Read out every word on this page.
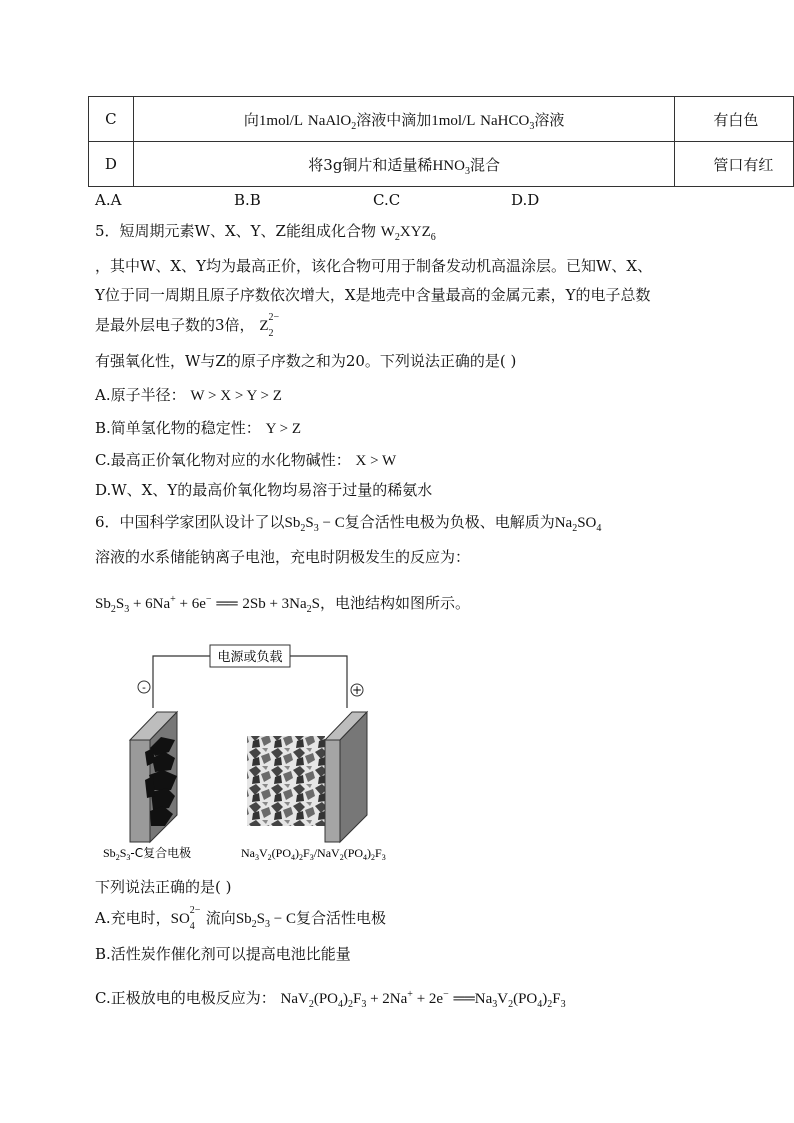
C	向1mol/L NaAlO$_2$溶液中滴加1mol/L NaHCO$_3$溶液	有白色
D	将3g铜片和适量稀$HNO_3$混合	管口有红
A.A	B.B	C.C	D.D
5．短周期元素W、X、Y、Z能组成化合物 $W_2XYZ_6$
，其中W、X、Y均为最高正价，该化合物可用于制备发动机高温涂层。已知W、X、
Y位于同一周期且原子序数依次增大，X是地壳中含量最高的金属元素，Y的电子总数
是最外层电子数的3倍， Z
2−
2
有强氧化性，W与Z的原子序数之和为20。下列说法正确的是( )
A.原子半径： W > X > Y > Z
B.简单氢化物的稳定性： Y > Z
C.最高正价氧化物对应的水化物碱性： X > W
D.W、X、Y的最高价氧化物均易溶于过量的稀氨水
6．中国科学家团队设计了以$Sb_2S_3 - C$复合活性电极为负极、电解质为$Na_2SO_4$
溶液的水系储能钠离子电池，充电时阴极发生的反应为：
$Sb_2S_3 + 6Na^+ + 6e^-$ ══ $2Sb + 3Na_2S$，电池结构如图所示。
电源或负载
-	+
$Sb_2S_3-C$复合电极	$Na_3V_2(PO_4)_2F_3/NaV_2(PO_4)_2F_3$
下列说法正确的是( )
A.充电时，SO
2−
4 流向$Sb_2S_3 - C$复合活性电极
B.活性炭作催化剂可以提高电池比能量
C.正极放电的电极反应为： $NaV_2(PO_4)_2F_3 + 2Na^+ + 2e^-$ $══Na_3V_2(PO_4)_2F_3$
